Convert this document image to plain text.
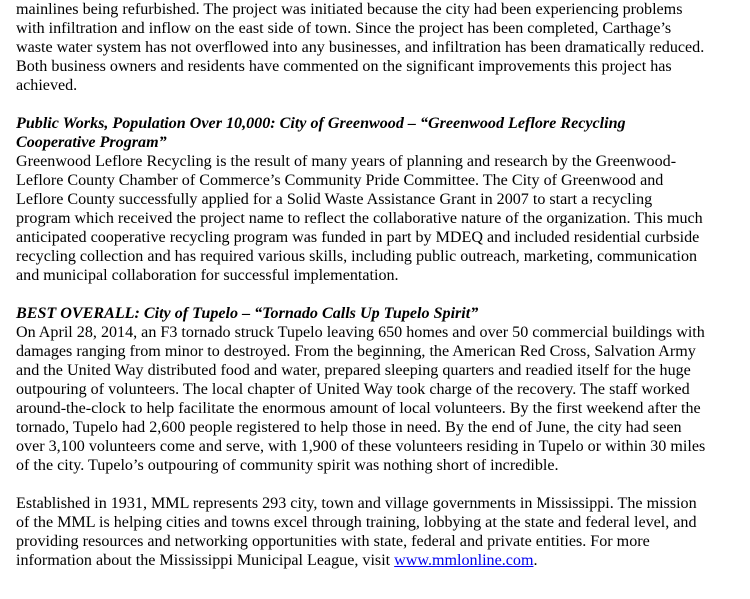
mainlines being refurbished. The project was initiated because the city had been experiencing problems
with infiltration and inflow on the east side of town. Since the project has been completed, Carthage’s
waste water system has not overflowed into any businesses, and infiltration has been dramatically reduced.
Both business owners and residents have commented on the significant improvements this project has
achieved.
Public Works, Population Over 10,000: City of Greenwood – “Greenwood Leflore Recycling
Cooperative Program”
Greenwood Leflore Recycling is the result of many years of planning and research by the Greenwood-
Leflore County Chamber of Commerce’s Community Pride Committee. The City of Greenwood and
Leflore County successfully applied for a Solid Waste Assistance Grant in 2007 to start a recycling
program which received the project name to reflect the collaborative nature of the organization. This much
anticipated cooperative recycling program was funded in part by MDEQ and included residential curbside
recycling collection and has required various skills, including public outreach, marketing, communication
and municipal collaboration for successful implementation.
BEST OVERALL: City of Tupelo – “Tornado Calls Up Tupelo Spirit”
On April 28, 2014, an F3 tornado struck Tupelo leaving 650 homes and over 50 commercial buildings with
damages ranging from minor to destroyed. From the beginning, the American Red Cross, Salvation Army
and the United Way distributed food and water, prepared sleeping quarters and readied itself for the huge
outpouring of volunteers. The local chapter of United Way took charge of the recovery. The staff worked
around-the-clock to help facilitate the enormous amount of local volunteers. By the first weekend after the
tornado, Tupelo had 2,600 people registered to help those in need. By the end of June, the city had seen
over 3,100 volunteers come and serve, with 1,900 of these volunteers residing in Tupelo or within 30 miles
of the city. Tupelo’s outpouring of community spirit was nothing short of incredible.
Established in 1931, MML represents 293 city, town and village governments in Mississippi. The mission
of the MML is helping cities and towns excel through training, lobbying at the state and federal level, and
providing resources and networking opportunities with state, federal and private entities. For more
information about the Mississippi Municipal League, visit www.mmlonline.com.
